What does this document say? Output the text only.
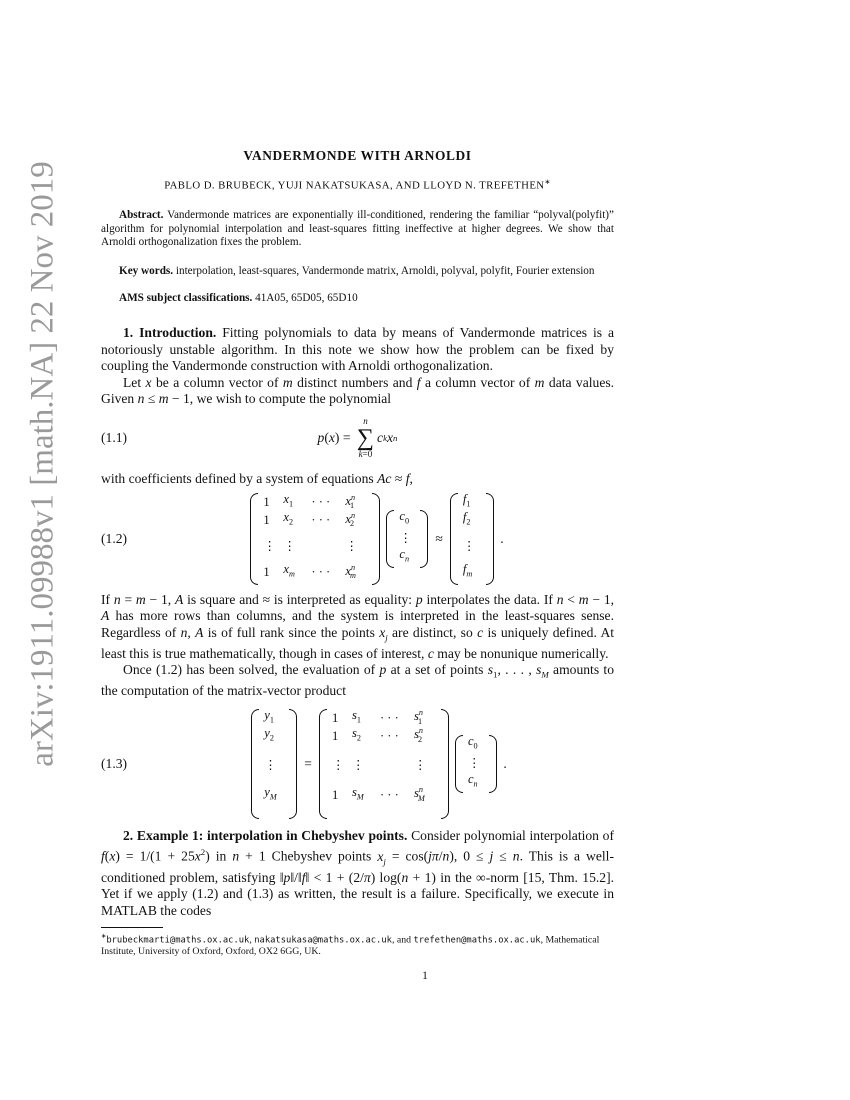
arXiv:1911.09988v1 [math.NA] 22 Nov 2019
VANDERMONDE WITH ARNOLDI
PABLO D. BRUBECK, YUJI NAKATSUKASA, AND LLOYD N. TREFETHEN∗
Abstract. Vandermonde matrices are exponentially ill-conditioned, rendering the familiar “polyval(polyfit)” algorithm for polynomial interpolation and least-squares fitting ineffective at higher degrees. We show that Arnoldi orthogonalization fixes the problem.
Key words. interpolation, least-squares, Vandermonde matrix, Arnoldi, polyval, polyfit, Fourier extension
AMS subject classifications. 41A05, 65D05, 65D10

1. Introduction. Fitting polynomials to data by means of Vandermonde matrices is a notoriously unstable algorithm. In this note we show how the problem can be fixed by coupling the Vandermonde construction with Arnoldi orthogonalization.

Let x be a column vector of m distinct numbers and f a column vector of m data values. Given n ≤ m − 1, we wish to compute the polynomial

(1.1)	p ( x ) =
n
∑
k=0
c k x n

with coefficients defined by a system of equations Ac ≈ f,

(1.2)
1	$x_1$	· · ·	$x^n_1$
1	$x_2$	· · ·	$x^n_2$
⋮ ⋮	⋮
1	$x_m$	· · ·	$x^n_m$
$c_0$
⋮
$c_n$
≈
$f_1$
$f_2$
⋮
$f_m$
.

If n = m − 1, A is square and ≈ is interpreted as equality: p interpolates the data. If n < m − 1, A has more rows than columns, and the system is interpreted in the least-squares sense. Regardless of n, A is of full rank since the points $x_j$ are distinct, so c is uniquely defined. At least this is true mathematically, though in cases of interest, c may be nonunique numerically.

Once (1.2) has been solved, the evaluation of p at a set of points $s_1$, . . . , $s_M$ amounts to the computation of the matrix-vector product

(1.3)
$y_1$
$y_2$
⋮
$y_M$
=
1	$s_1$	· · ·	$s^n_1$
1	$s_2$	· · ·	$s^n_2$
⋮ ⋮	⋮
1	$s_M$	· · ·	$s^n_M$
$c_0$
⋮
$c_n$
.

2. Example 1: interpolation in Chebyshev points. Consider polynomial interpolation of $f(x) = 1/(1 + 25x^2)$ in n + 1 Chebyshev points $x_j = \cos(j\pi/n)$, 0 ≤ j ≤ n. This is a well-conditioned problem, satisfying ‖p‖/‖f‖ < 1 + (2/π) log(n + 1) in the ∞-norm [15, Thm. 15.2]. Yet if we apply (1.2) and (1.3) as written, the result is a failure. Specifically, we execute in MATLAB the codes

∗brubeckmarti@maths.ox.ac.uk, nakatsukasa@maths.ox.ac.uk, and trefethen@maths.ox.ac.uk, Mathematical Institute, University of Oxford, Oxford, OX2 6GG, UK.
1
